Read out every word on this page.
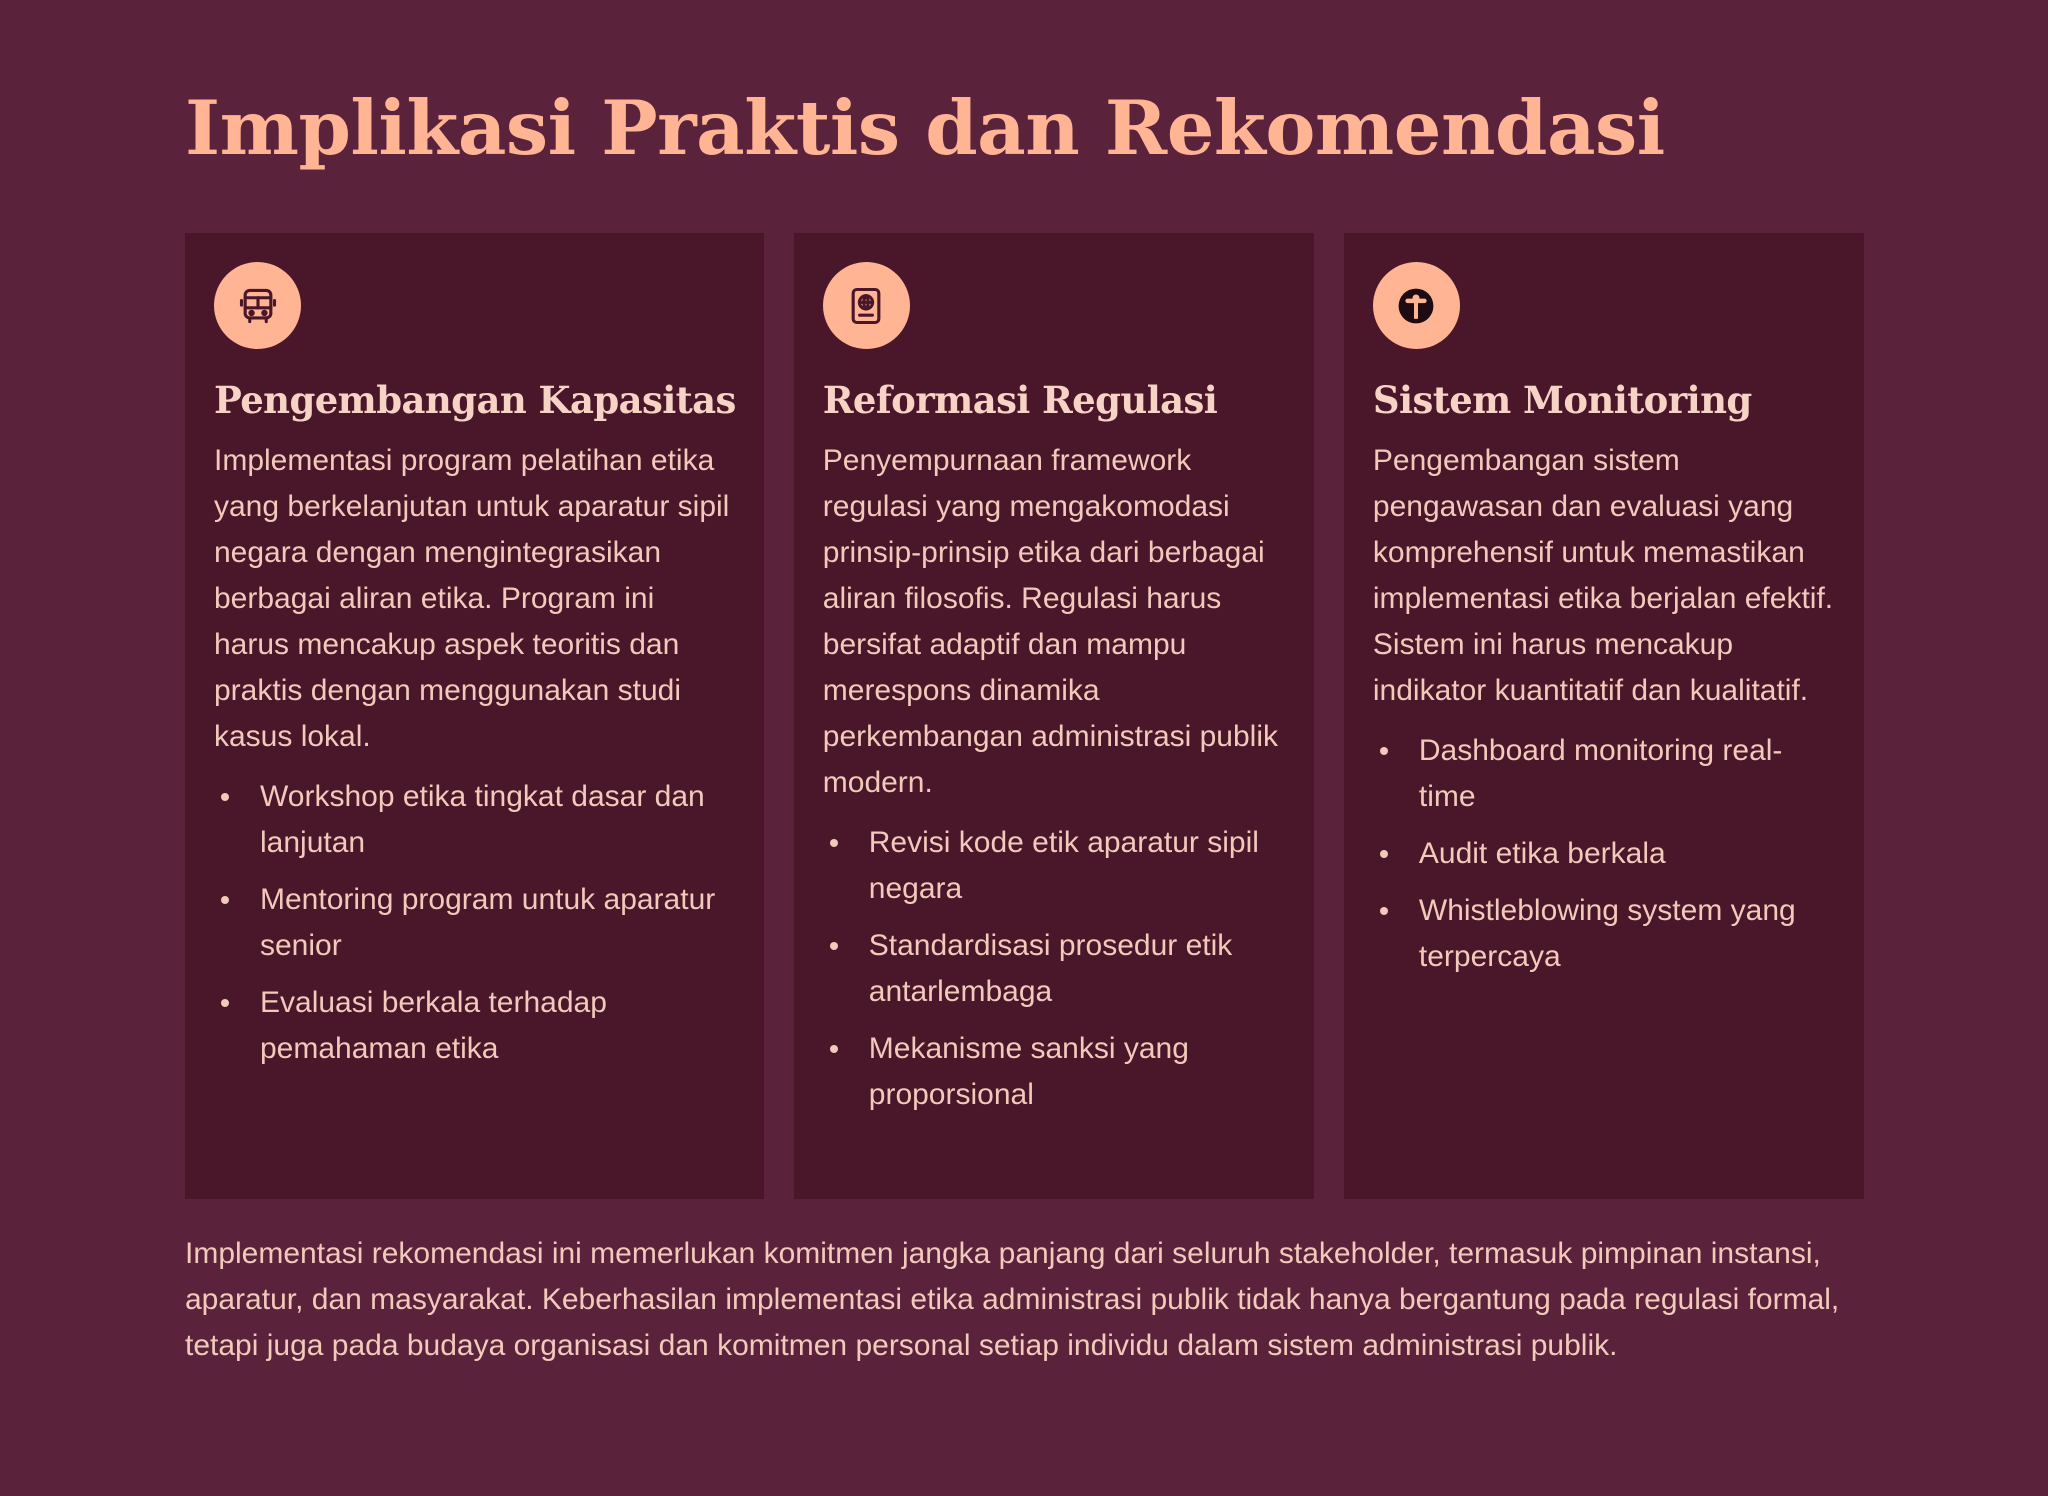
Implikasi Praktis dan Rekomendasi
Pengembangan Kapasitas

Implementasi program pelatihan etika yang berkelanjutan untuk aparatur sipil negara dengan mengintegrasikan berbagai aliran etika. Program ini harus mencakup aspek teoritis dan praktis dengan menggunakan studi kasus lokal.

Workshop etika tingkat dasar dan lanjutan
Mentoring program untuk aparatur senior
Evaluasi berkala terhadap pemahaman etika
Reformasi Regulasi

Penyempurnaan framework regulasi yang mengakomodasi prinsip-prinsip etika dari berbagai aliran filosofis. Regulasi harus bersifat adaptif dan mampu merespons dinamika perkembangan administrasi publik modern.

Revisi kode etik aparatur sipil negara
Standardisasi prosedur etik antarlembaga
Mekanisme sanksi yang proporsional
Sistem Monitoring

Pengembangan sistem pengawasan dan evaluasi yang komprehensif untuk memastikan implementasi etika berjalan efektif. Sistem ini harus mencakup indikator kuantitatif dan kualitatif.

Dashboard monitoring real-time
Audit etika berkala
Whistleblowing system yang terpercaya

Implementasi rekomendasi ini memerlukan komitmen jangka panjang dari seluruh stakeholder, termasuk pimpinan instansi, aparatur, dan masyarakat. Keberhasilan implementasi etika administrasi publik tidak hanya bergantung pada regulasi formal, tetapi juga pada budaya organisasi dan komitmen personal setiap individu dalam sistem administrasi publik.
